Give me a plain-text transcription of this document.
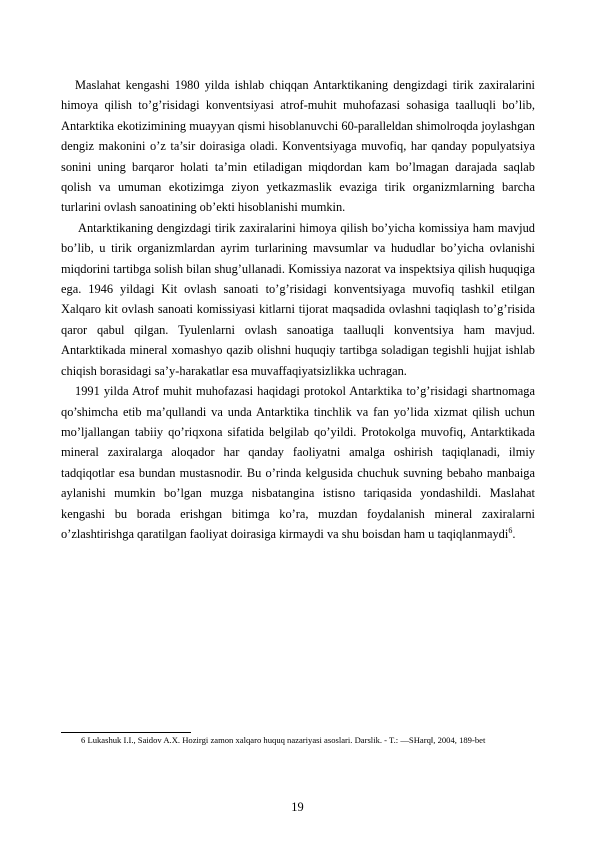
Maslahat kengashi 1980 yilda ishlab chiqqan Antarktikaning dengizdagi tirik zaxiralarini himoya qilish to’g’risidagi konventsiyasi atrof-muhit muhofazasi sohasiga taalluqli bo’lib, Antarktika ekotizimining muayyan qismi hisoblanuvchi 60-paralleldan shimolroqda joylashgan dengiz makonini o’z ta’sir doirasiga oladi. Konventsiyaga muvofiq, har qanday populyatsiya sonini uning barqaror holati ta’min etiladigan miqdordan kam bo’lmagan darajada saqlab qolish va umuman ekotizimga ziyon yetkazmaslik evaziga tirik organizmlarning barcha turlarini ovlash sanoatining ob’ekti hisoblanishi mumkin.

Antarktikaning dengizdagi tirik zaxiralarini himoya qilish bo’yicha komissiya ham mavjud bo’lib, u tirik organizmlardan ayrim turlarining mavsumlar va hududlar bo’yicha ovlanishi miqdorini tartibga solish bilan shug’ullanadi. Komissiya nazorat va inspektsiya qilish huquqiga ega. 1946 yildagi Kit ovlash sanoati to’g’risidagi konventsiyaga muvofiq tashkil etilgan Xalqaro kit ovlash sanoati komissiyasi kitlarni tijorat maqsadida ovlashni taqiqlash to’g’risida qaror qabul qilgan. Tyulenlarni ovlash sanoatiga taalluqli konventsiya ham mavjud. Antarktikada mineral xomashyo qazib olishni huquqiy tartibga soladigan tegishli hujjat ishlab chiqish borasidagi sa’y-harakatlar esa muvaffaqiyatsizlikka uchragan.

1991 yilda Atrof muhit muhofazasi haqidagi protokol Antarktika to’g’risidagi shartnomaga qo’shimcha etib ma’qullandi va unda Antarktika tinchlik va fan yo’lida xizmat qilish uchun mo’ljallangan tabiiy qo’riqxona sifatida belgilab qo’yildi. Protokolga muvofiq, Antarktikada mineral zaxiralarga aloqador har qanday faoliyatni amalga oshirish taqiqlanadi, ilmiy tadqiqotlar esa bundan mustasnodir. Bu o’rinda kelgusida chuchuk suvning bebaho manbaiga aylanishi mumkin bo’lgan muzga nisbatangina istisno tariqasida yondashildi. Maslahat kengashi bu borada erishgan bitimga ko’ra, muzdan foydalanish mineral zaxiralarni o’zlashtirishga qaratilgan faoliyat doirasiga kirmaydi va shu boisdan ham u taqiqlanmaydi$^6$.

6 Lukashuk I.I., Saidov A.X. Hozirgi zamon xalqaro huquq nazariyasi asoslari. Darslik. - T.: ―SHarq‖, 2004, 189-bet
19
